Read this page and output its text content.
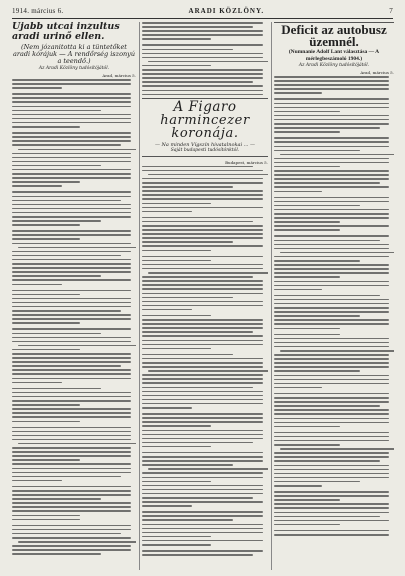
1914. március 6.	ARADI KÖZLÖNY.	7
Újabb utcai inzultus aradi urinő ellen.
(Nem józanitotta ki a tüntetőket aradi kórájuk — A rendőrség iszonyú a teendő.)
Az Aradi Közlöny tudósítójától.
Arad, március 5.
A Figaro
harmincezer koronája.
— Na minden Vígszín hivatalnokai ... —
Saját budapesti tudósítónktól.
Budapest, március 5.
Deficit az autobusz üzemnél.
(Numnanie Adolf Lant választása — A mérlegbeszámoló 1904.)
Az Aradi Közlöny tudósítójától.
Arad, március 5.
